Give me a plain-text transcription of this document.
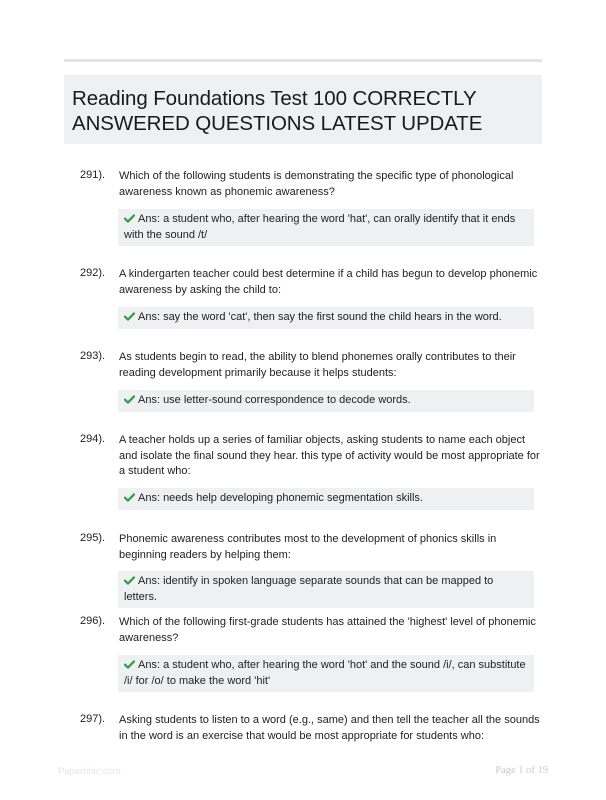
Reading Foundations Test 100 CORRECTLY ANSWERED QUESTIONS LATEST UPDATE
291). Which of the following students is demonstrating the specific type of phonological awareness known as phonemic awareness?
Ans: a student who, after hearing the word 'hat', can orally identify that it ends with the sound /t/
292). A kindergarten teacher could best determine if a child has begun to develop phonemic awareness by asking the child to:
Ans: say the word 'cat', then say the first sound the child hears in the word.
293). As students begin to read, the ability to blend phonemes orally contributes to their reading development primarily because it helps students:
Ans: use letter-sound correspondence to decode words.
294). A teacher holds up a series of familiar objects, asking students to name each object and isolate the final sound they hear. this type of activity would be most appropriate for a student who:
Ans: needs help developing phonemic segmentation skills.
295). Phonemic awareness contributes most to the development of phonics skills in beginning readers by helping them:
Ans: identify in spoken language separate sounds that can be mapped to letters.
296). Which of the following first-grade students has attained the 'highest' level of phonemic awareness?
Ans: a student who, after hearing the word 'hot' and the sound /i/, can substitute /i/ for /o/ to make the word 'hit'
297). Asking students to listen to a word (e.g., same) and then tell the teacher all the sounds in the word is an exercise that would be most appropriate for students who:
Papertibic.com	Page 1 of 19
